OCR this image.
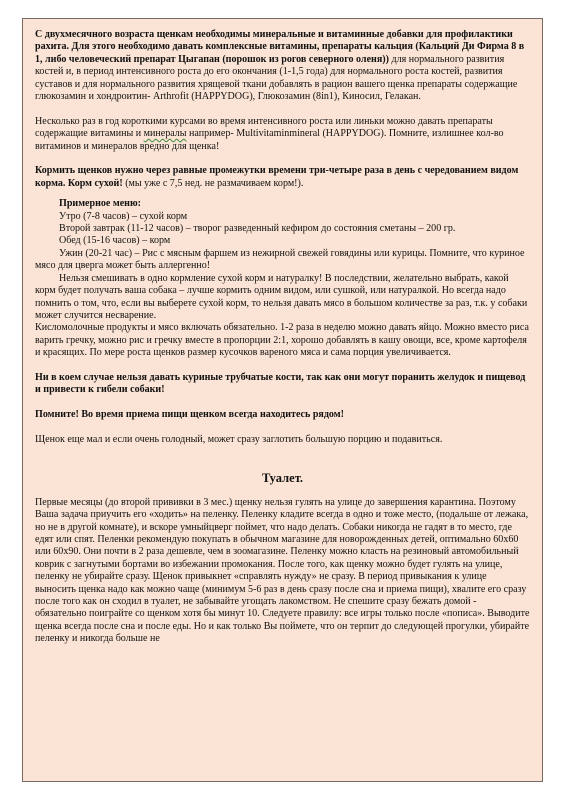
С двухмесячного возраста щенкам необходимы минеральные и витаминные добавки для профилактики рахита. Для этого необходимо давать комплексные витамины, препараты кальция (Кальций Ди Фирма 8 в 1, либо человеческий препарат Цыгапан (порошок из рогов северного оленя)) для нормального развития костей и, в период интенсивного роста до его окончания (1-1,5 года) для нормального роста костей, развития суставов и для нормального развития хрящевой ткани добавлять в рацион вашего щенка препараты содержащие глюкозамин и хондроитин- Arthrofit (HAPPYDOG), Глюкозамин (8in1), Киносил, Гелакан.

Несколько раз в год короткими курсами во время интенсивного роста или линьки можно давать препараты содержащие витамины и минералы например- Multivitaminmineral (HAPPYDOG). Помните, излишнее кол-во витаминов и минералов вредно для щенка!

Кормить щенков нужно через равные промежутки времени три-четыре раза в день с чередованием видом корма. Корм сухой! (мы уже с 7,5 нед. не размачиваем корм!).

Примерное меню:

Утро (7-8 часов) – сухой корм

Второй завтрак (11-12 часов) – творог разведенный кефиром до состояния сметаны – 200 гр.

Обед (15-16 часов) – корм

Ужин (20-21 час) – Рис с мясным фаршем из нежирной свежей говядины или курицы. Помните, что куриное мясо для цверга может быть аллергенно!

Нельзя смешивать в одно кормление сухой корм и натуралку! В последствии, желательно выбрать, какой корм будет получать ваша собака – лучше кормить одним видом, или сушкой, или натуралкой. Но всегда надо помнить о том, что, если вы выберете сухой корм, то нельзя давать мясо в большом количестве за раз, т.к. у собаки может случится несварение.

Кисломолочные продукты и мясо включать обязательно. 1-2 раза в неделю можно давать яйцо. Можно вместо риса варить гречку, можно рис и гречку вместе в пропорции 2:1, хорошо добавлять в кашу овощи, все, кроме картофеля и красящих. По мере роста щенков размер кусочков вареного мяса и сама порция увеличивается.

Ни в коем случае нельзя давать куриные трубчатые кости, так как они могут поранить желудок и пищевод и привести к гибели собаки!

Помните! Во время приема пищи щенком всегда находитесь рядом!

Щенок еще мал и если очень голодный, может сразу заглотить большую порцию и подавиться.

Туалет.

Первые месяцы (до второй прививки в 3 мес.) щенку нельзя гулять на улице до завершения карантина. Поэтому Ваша задача приучить его «ходить» на пеленку. Пеленку кладите всегда в одно и тоже место, (подальше от лежака, но не в другой комнате), и вскоре умныйцверг поймет, что надо делать. Собаки никогда не гадят в то место, где едят или спят. Пеленки рекомендую покупать в обычном магазине для новорожденных детей, оптимально 60х60 или 60х90. Они почти в 2 раза дешевле, чем в зоомагазине. Пеленку можно класть на резиновый автомобильный коврик с загнутыми бортами во избежании промокания. После того, как щенку можно будет гулять на улице, пеленку не убирайте сразу. Щенок привыкнет «справлять нужду» не сразу. В период привыкания к улице выносить щенка надо как можно чаще (минимум 5-6 раз в день сразу после сна и приема пищи), хвалите его сразу после того как он сходил в туалет, не забывайте угощать лакомством. Не спешите сразу бежать домой - обязательно поиграйте со щенком хотя бы минут 10. Следуете правилу: все игры только после «пописа». Выводите щенка всегда после сна и после еды. Но и как только Вы поймете, что он терпит до следующей прогулки, убирайте пеленку и никогда больше не
